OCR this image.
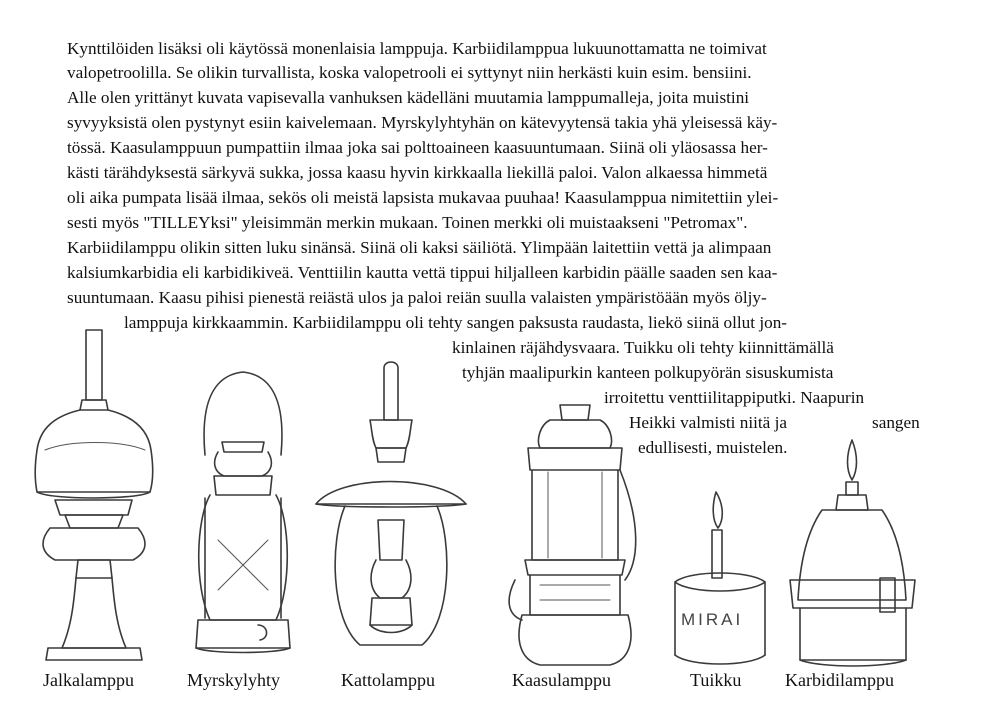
Kynttilöiden lisäksi oli käytössä monenlaisia lamppuja. Karbiidilamppua lukuunottamatta ne toimivat
valopetroolilla. Se olikin turvallista, koska valopetrooli ei syttynyt niin herkästi kuin esim. bensiini.
Alle olen yrittänyt kuvata vapisevalla vanhuksen kädelläni muutamia lamppumalleja, joita muistini
syvyyksistä olen pystynyt esiin kaivelemaan. Myrskylyhtyhän on kätevyytensä takia yhä yleisessä käy-
tössä. Kaasulamppuun pumpattiin ilmaa joka sai polttoaineen kaasuuntumaan. Siinä oli yläosassa her-
kästi tärähdyksestä särkyvä sukka, jossa kaasu hyvin kirkkaalla liekillä paloi. Valon alkaessa himmetä
oli aika pumpata lisää ilmaa, sekös oli meistä lapsista mukavaa puuhaa! Kaasulamppua nimitettiin ylei-
sesti myös "TILLEYksi" yleisimmän merkin mukaan. Toinen merkki oli muistaakseni "Petromax".
Karbiidilamppu olikin sitten luku sinänsä. Siinä oli kaksi säiliötä. Ylimpään laitettiin vettä ja alimpaan
kalsiumkarbidia eli karbidikiveä. Venttiilin kautta vettä tippui hiljalleen karbidin päälle saaden sen kaa-
suuntumaan. Kaasu pihisi pienestä reiästä ulos ja paloi reiän suulla valaisten ympäristöään myös öljy-
lamppuja kirkkaammin. Karbiidilamppu oli tehty sangen paksusta raudasta, liekö siinä ollut jon-
kinlainen räjähdysvaara. Tuikku oli tehty kiinnittämällä
tyhjän maalipurkin kanteen polkupyörän sisuskumista
irroitettu venttiilitappiputki. Naapurin
Heikki valmisti niitä ja	sangen
edullisesti, muistelen.
MIRAI
Jalkalamppu	Myrskylyhty	Kattolamppu	Kaasulamppu	Tuikku Karbidilamppu
